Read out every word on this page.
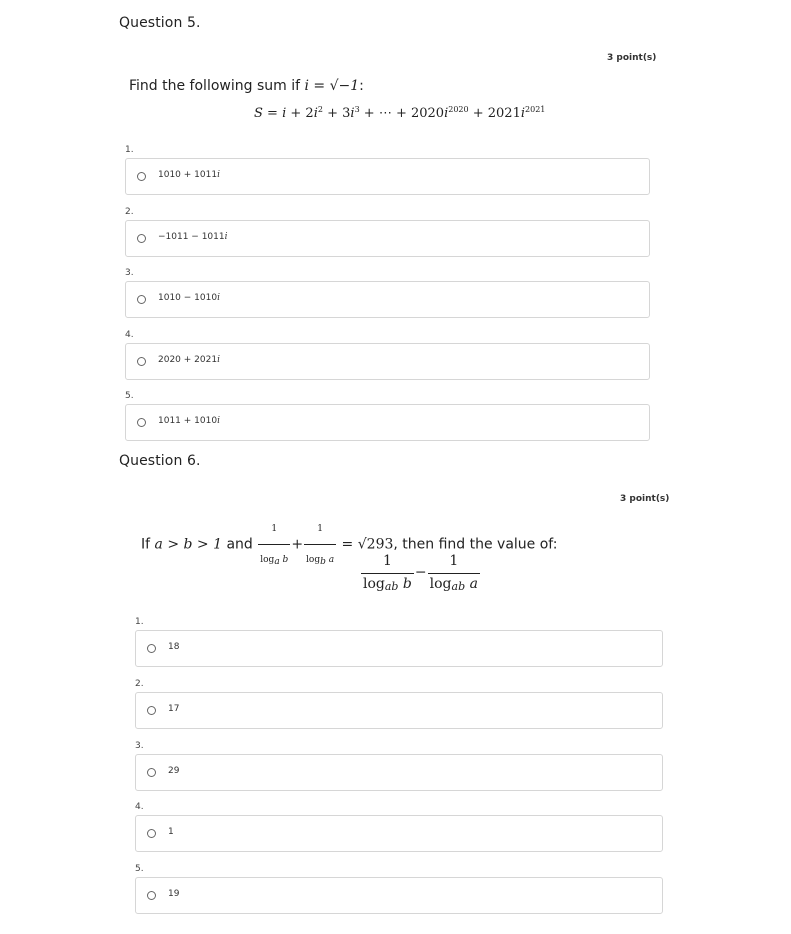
Question 5.
3 point(s)
Find the following sum if i = √−1:
$S = i + 2i^2 + 3i^3$ + ⋯ + $2020i^{2020} + 2021i^{2021}$
1.
1010 + 1011i
2.
−1011 − 1011i
3.
1010 − 1010i
4.
2020 + 2021i
5.
1011 + 1010i
Question 6.
3 point(s)
If a > b > 1 and $\frac{1}{\log_a b} + \frac{1}{\log_b a} = √293$, then find the value of:
$\frac{1}{\log_{ab} b} - \frac{1}{\log_{ab} a}$
1.
18
2.
17
3.
29
4.
1
5.
19
